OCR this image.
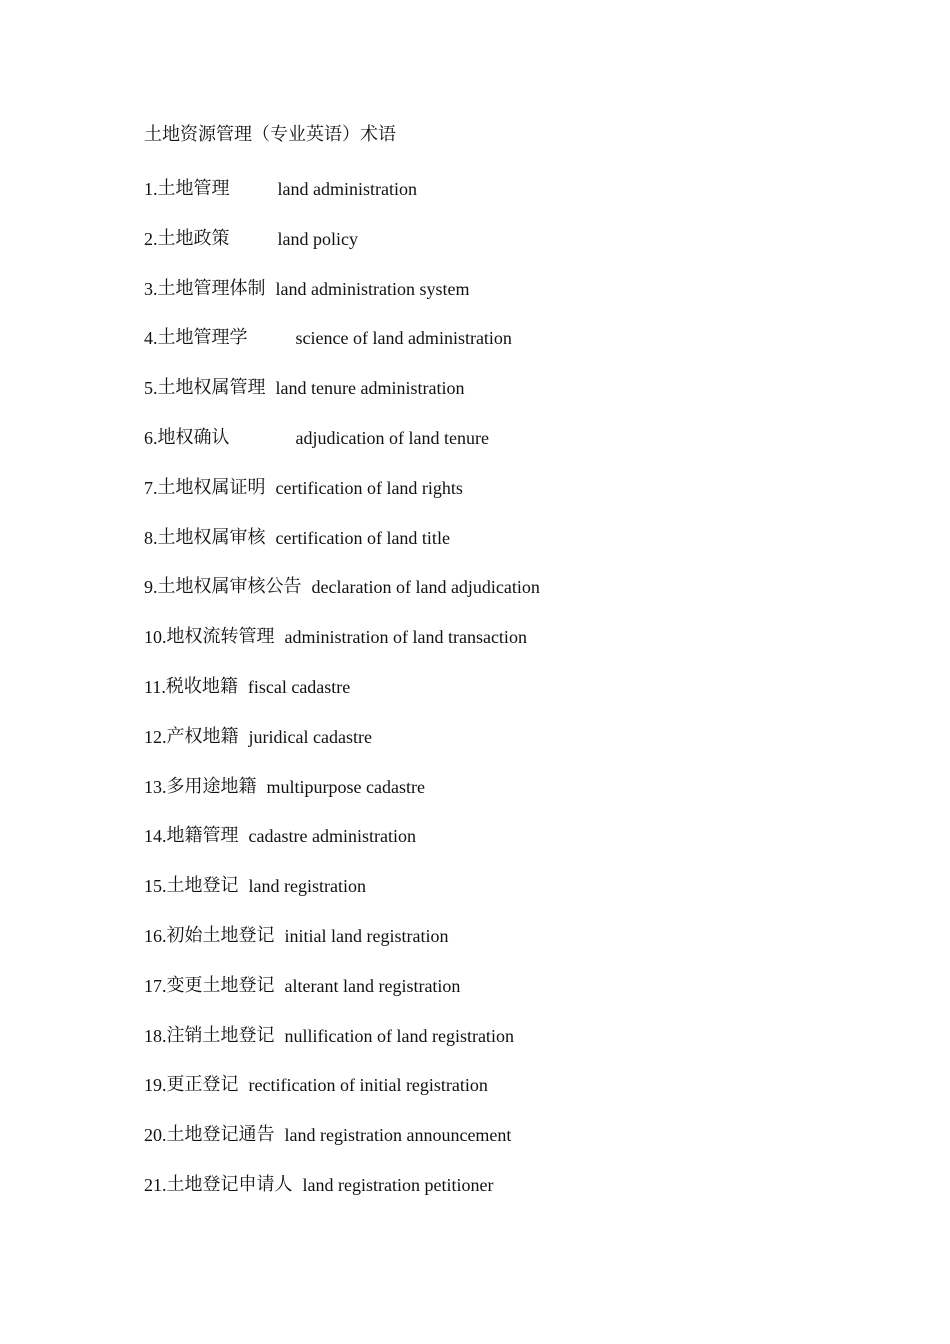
土地资源管理（专业英语）术语
1. 土地管理	land administration
2. 土地政策	land policy
3. 土地管理体制 land administration system
4. 土地管理学	science of land administration
5. 土地权属管理 land tenure administration
6. 地权确认	adjudication of land tenure
7. 土地权属证明 certification of land rights
8. 土地权属审核 certification of land title
9. 土地权属审核公告 declaration of land adjudication
10. 地权流转管理 administration of land transaction
11. 税收地籍 fiscal cadastre
12. 产权地籍 juridical cadastre
13. 多用途地籍 multipurpose cadastre
14. 地籍管理 cadastre administration
15. 土地登记 land registration
16. 初始土地登记 initial land registration
17. 变更土地登记 alterant land registration
18. 注销土地登记 nullification of land registration
19. 更正登记 rectification of initial registration
20. 土地登记通告 land registration announcement
21. 土地登记申请人 land registration petitioner
